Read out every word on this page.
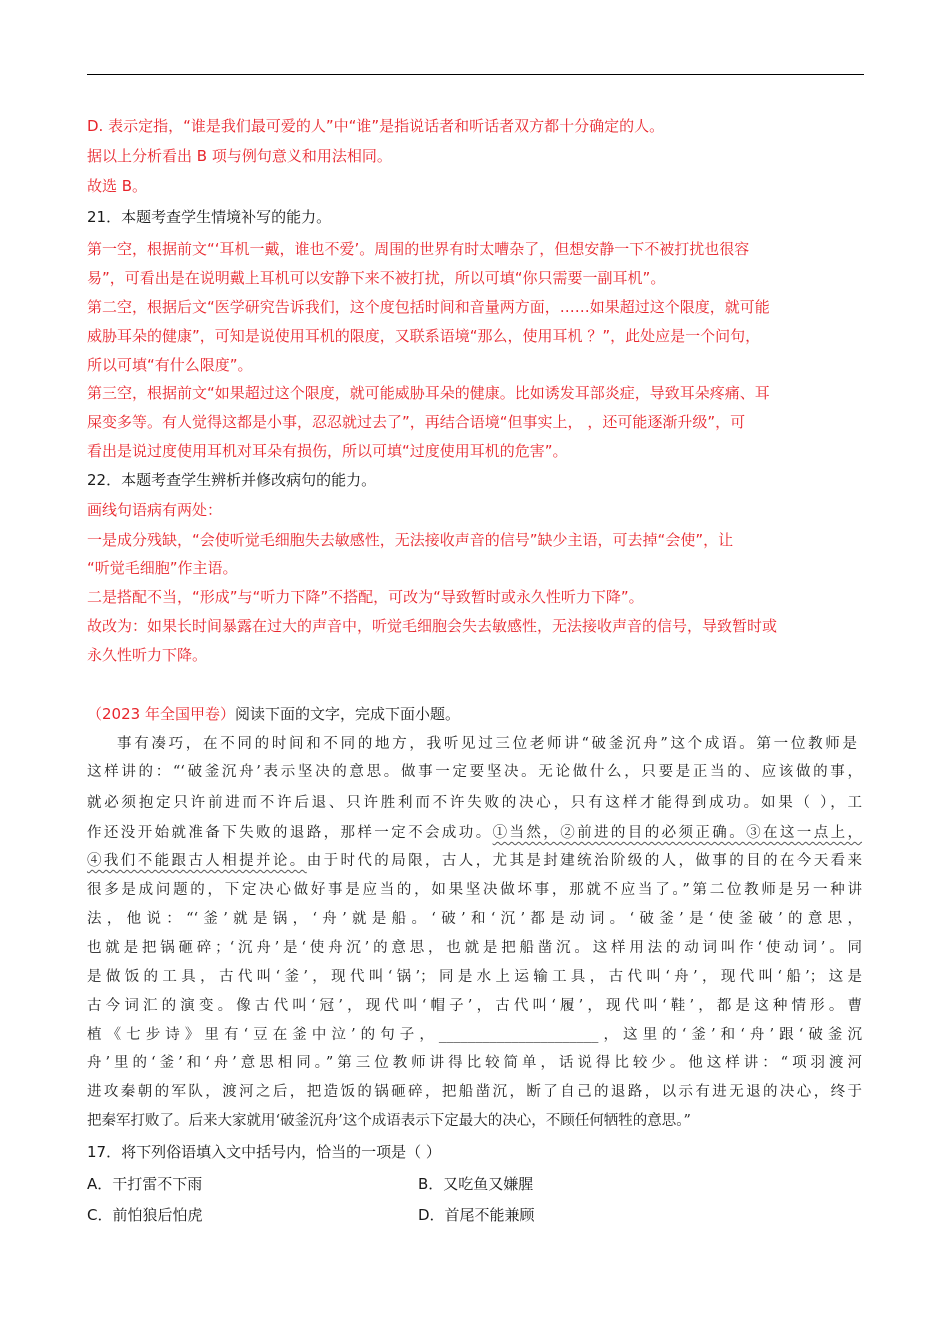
D. 表示定指，“谁是我们最可爱的人”中“谁”是指说话者和听话者双方都十分确定的人。
据以上分析看出 B 项与例句意义和用法相同。
故选 B。
21．本题考查学生情境补写的能力。
第一空，根据前文“‘耳机一戴，谁也不爱’。周围的世界有时太嘈杂了，但想安静一下不被打扰也很容
易”，可看出是在说明戴上耳机可以安静下来不被打扰，所以可填“你只需要一副耳机”。
第二空，根据后文“医学研究告诉我们，这个度包括时间和音量两方面，……如果超过这个限度，就可能
威胁耳朵的健康”，可知是说使用耳机的限度，又联系语境“那么，使用耳机 ？”，此处应是一个问句，
所以可填“有什么限度”。
第三空，根据前文“如果超过这个限度，就可能威胁耳朵的健康。比如诱发耳部炎症，导致耳朵疼痛、耳
屎变多等。有人觉得这都是小事，忍忍就过去了”，再结合语境“但事实上， ，还可能逐渐升级”，可
看出是说过度使用耳机对耳朵有损伤，所以可填“过度使用耳机的危害”。
22．本题考查学生辨析并修改病句的能力。
画线句语病有两处：
一是成分残缺，“会使听觉毛细胞失去敏感性，无法接收声音的信号”缺少主语，可去掉“会使”，让
“听觉毛细胞”作主语。
二是搭配不当，“形成”与“听力下降”不搭配，可改为“导致暂时或永久性听力下降”。
故改为：如果长时间暴露在过大的声音中，听觉毛细胞会失去敏感性，无法接收声音的信号，导致暂时或
永久性听力下降。
（2023 年全国甲卷）阅读下面的文字，完成下面小题。
事有凑巧，在不同的时间和不同的地方，我听见过三位老师讲“破釜沉舟”这个成语。第一位教师是
这样讲的：“‘破釜沉舟’表示坚决的意思。做事一定要坚决。无论做什么，只要是正当的、应该做的事，
就必须抱定只许前进而不许后退、只许胜利而不许失败的决心，只有这样才能得到成功。如果（ ），工
作还没开始就准备下失败的退路，那样一定不会成功。①当然，②前进的目的必须正确。③在这一点上，
④我们不能跟古人相提并论。由于时代的局限，古人，尤其是封建统治阶级的人，做事的目的在今天看来
很多是成问题的，下定决心做好事是应当的，如果坚决做坏事，那就不应当了。”第二位教师是另一种讲
法，他说：“‘釜’就是锅，‘舟’就是船。‘破’和‘沉’都是动词。‘破釜’是‘使釜破’的意思，
也就是把锅砸碎；‘沉舟’是‘使舟沉’的意思，也就是把船凿沉。这样用法的动词叫作‘使动词’。同
是做饭的工具，古代叫‘釜’，现代叫‘锅’；同是水上运输工具，古代叫‘舟’，现代叫‘船’；这是
古今词汇的演变。像古代叫‘冠’，现代叫‘帽子’，古代叫‘履’，现代叫‘鞋’，都是这种情形。曹
植《七步诗》里有‘豆在釜中泣’的句子，______________________，这里的‘釜’和‘舟’跟‘破釜沉
舟’里的‘釜’和‘舟’意思相同。”第三位教师讲得比较简单，话说得比较少。他这样讲：“项羽渡河
进攻秦朝的军队，渡河之后，把造饭的锅砸碎，把船凿沉，断了自己的退路，以示有进无退的决心，终于
把秦军打败了。后来大家就用‘破釜沉舟’这个成语表示下定最大的决心，不顾任何牺牲的意思。”
17．将下列俗语填入文中括号内，恰当的一项是（ ）
A．干打雷不下雨	B．又吃鱼又嫌腥
C．前怕狼后怕虎	D．首尾不能兼顾
